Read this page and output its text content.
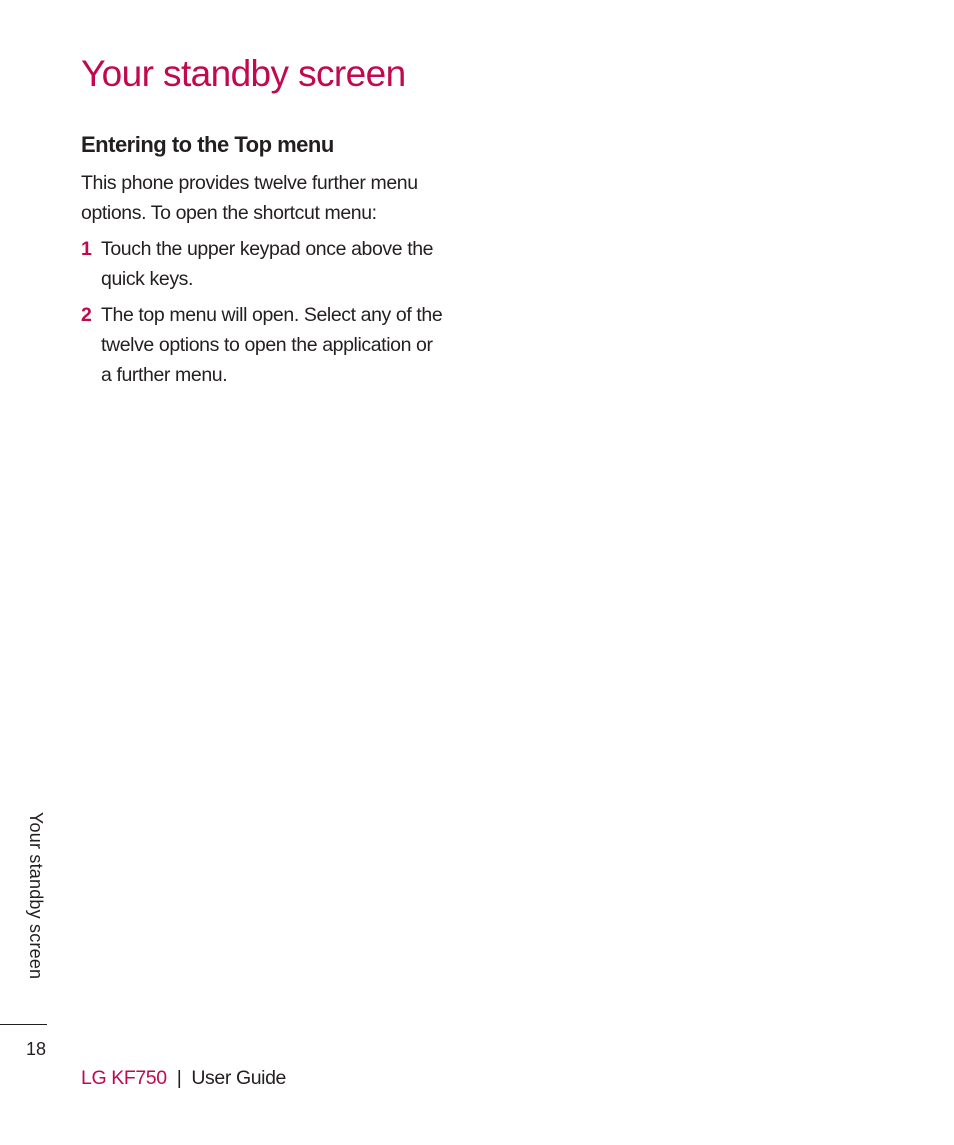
Your standby screen
Entering to the Top menu

This phone provides twelve further menu
options. To open the shortcut menu:

1 Touch the upper keypad once above the
quick keys.
2 The top menu will open. Select any of the
twelve options to open the application or
a further menu.
Your standby screen
18
LG KF750 | User Guide
